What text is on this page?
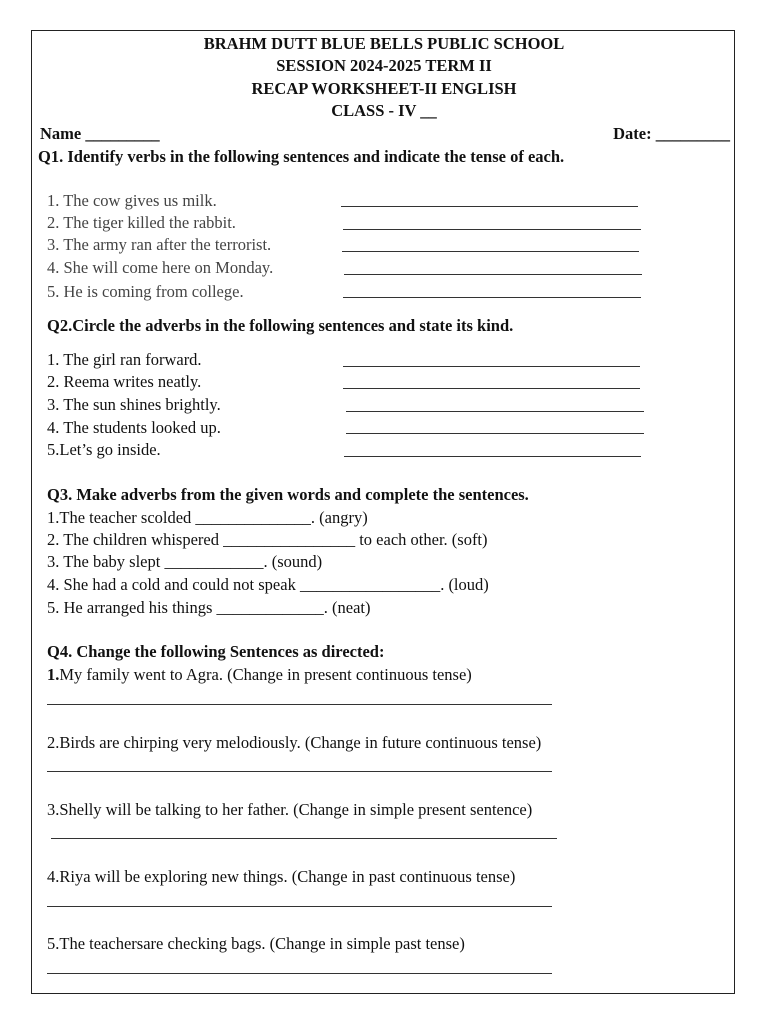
BRAHM DUTT BLUE BELLS PUBLIC SCHOOL
SESSION 2024-2025 TERM II
RECAP WORKSHEET-II ENGLISH
CLASS - IV __
Name _________	Date: _________
Q1. Identify verbs in the following sentences and indicate the tense of each.
1. The cow gives us milk.
2. The tiger killed the rabbit.
3. The army ran after the terrorist.
4. She will come here on Monday.
5. He is coming from college.
Q2.Circle the adverbs in the following sentences and state its kind.
1. The girl ran forward.
2. Reema writes neatly.
3. The sun shines brightly.
4. The students looked up.
5.Let’s go inside.
Q3. Make adverbs from the given words and complete the sentences.
1.The teacher scolded ______________. (angry)
2. The children whispered ________________ to each other. (soft)
3. The baby slept ____________. (sound)
4. She had a cold and could not speak _________________. (loud)
5. He arranged his things _____________. (neat)
Q4. Change the following Sentences as directed:
1.My family went to Agra. (Change in present continuous tense)
2.Birds are chirping very melodiously. (Change in future continuous tense)
3.Shelly will be talking to her father. (Change in simple present sentence)
4.Riya will be exploring new things. (Change in past continuous tense)
5.The teachersare checking bags. (Change in simple past tense)
